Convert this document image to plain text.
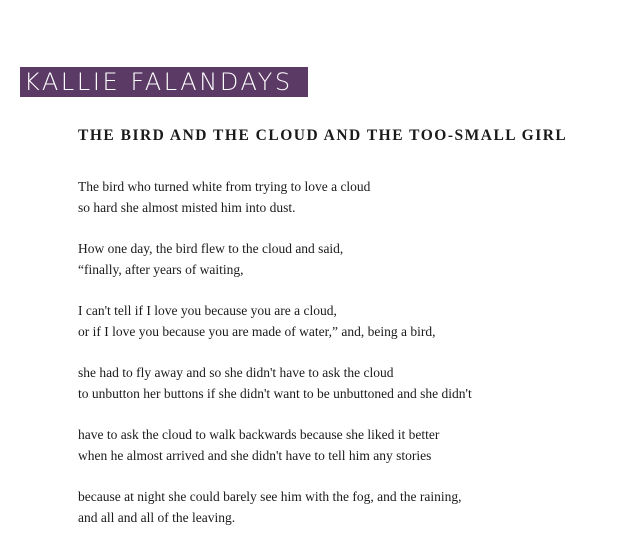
KALLIE FALANDAYS
THE BIRD AND THE CLOUD AND THE TOO-SMALL GIRL

The bird who turned white from trying to love a cloud
so hard she almost misted him into dust.

How one day, the bird flew to the cloud and said,
“finally, after years of waiting,

I can't tell if I love you because you are a cloud,
or if I love you because you are made of water,” and, being a bird,

she had to fly away and so she didn't have to ask the cloud
to unbutton her buttons if she didn't want to be unbuttoned and she didn't

have to ask the cloud to walk backwards because she liked it better
when he almost arrived and she didn't have to tell him any stories

because at night she could barely see him with the fog, and the raining,
and all and all of the leaving.
